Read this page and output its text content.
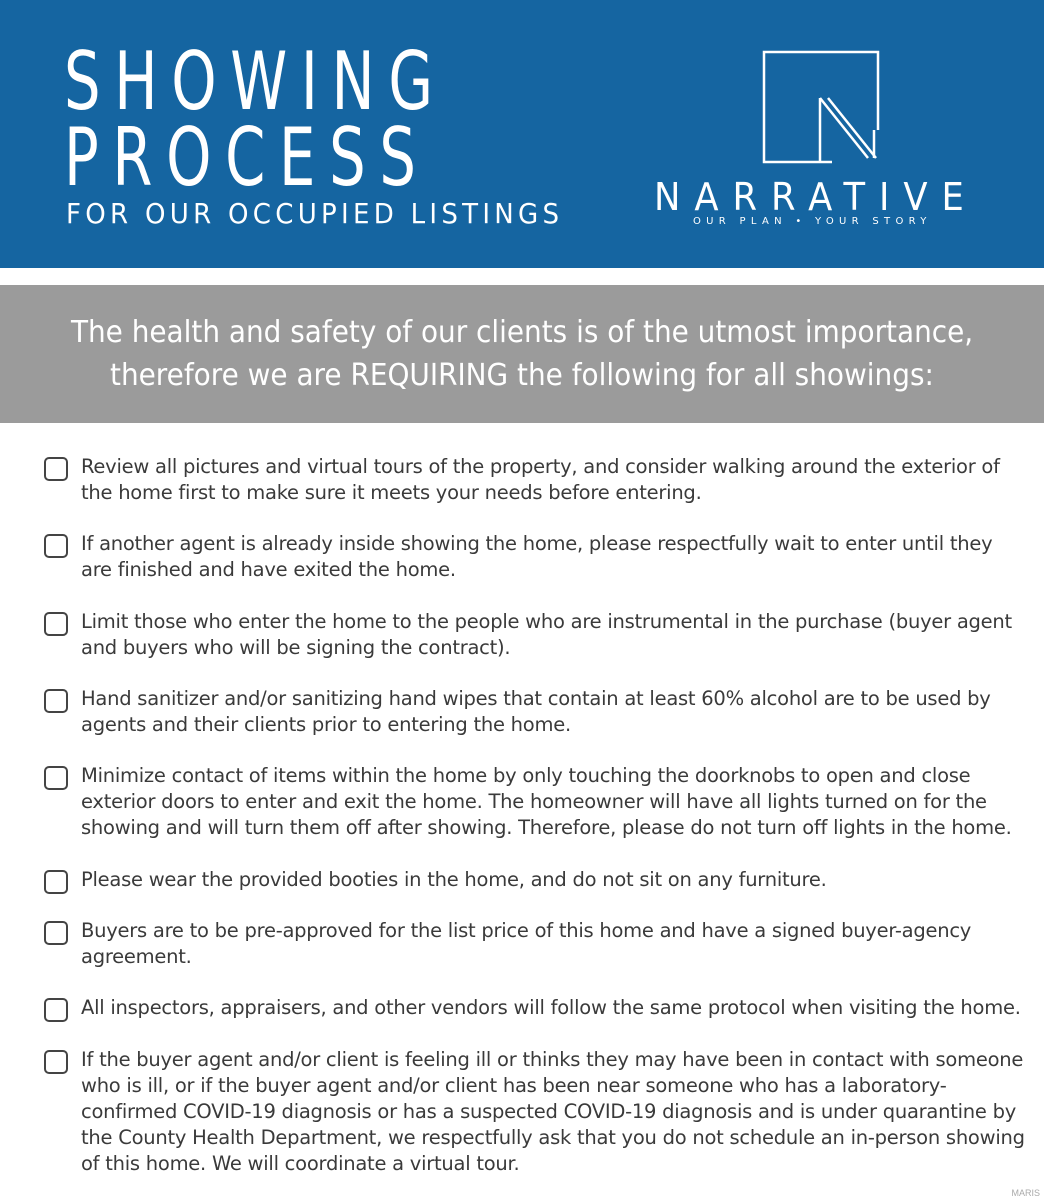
SHOWING
PROCESS
FOR OUR OCCUPIED LISTINGS NARRATIVE
OUR PLAN • YOUR STORY
The health and safety of our clients is of the utmost importance,
therefore we are REQUIRING the following for all showings:
Review all pictures and virtual tours of the property, and consider walking around the exterior of the home first to make sure it meets your needs before entering.
If another agent is already inside showing the home, please respectfully wait to enter until they are finished and have exited the home.
Limit those who enter the home to the people who are instrumental in the purchase (buyer agent and buyers who will be signing the contract).
Hand sanitizer and/or sanitizing hand wipes that contain at least 60% alcohol are to be used by agents and their clients prior to entering the home.
Minimize contact of items within the home by only touching the doorknobs to open and close exterior doors to enter and exit the home. The homeowner will have all lights turned on for the showing and will turn them off after showing. Therefore, please do not turn off lights in the home.
Please wear the provided booties in the home, and do not sit on any furniture.
Buyers are to be pre-approved for the list price of this home and have a signed buyer-agency agreement.
All inspectors, appraisers, and other vendors will follow the same protocol when visiting the home.
If the buyer agent and/or client is feeling ill or thinks they may have been in contact with someone who is ill, or if the buyer agent and/or client has been near someone who has a laboratory-confirmed COVID-19 diagnosis or has a suspected COVID-19 diagnosis and is under quarantine by the County Health Department, we respectfully ask that you do not schedule an in-person showing of this home. We will coordinate a virtual tour.
MARIS
